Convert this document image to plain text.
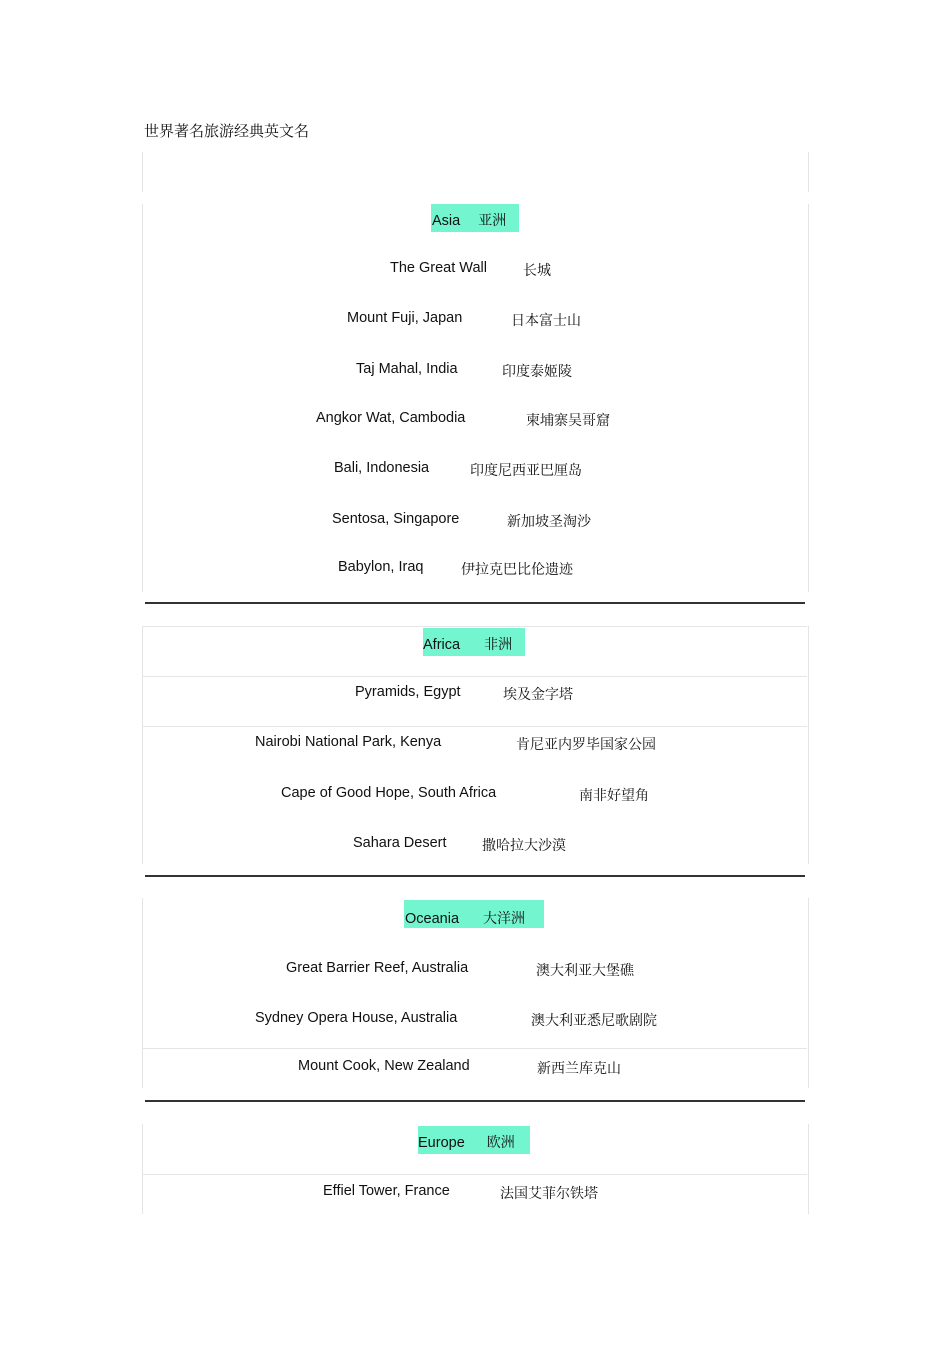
世界著名旅游经典英文名
Asia 亚洲
The Great Wall	长城
Mount Fuji, Japan	日本富士山
Taj Mahal, India	印度泰姬陵
Angkor Wat, Cambodia	柬埔寨吴哥窟
Bali, Indonesia	印度尼西亚巴厘岛
Sentosa, Singapore	新加坡圣淘沙
Babylon, Iraq	伊拉克巴比伦遗迹
Africa 非洲
Pyramids, Egypt	埃及金字塔
Nairobi National Park, Kenya	肯尼亚内罗毕国家公园
Cape of Good Hope, South Africa	南非好望角
Sahara Desert	撒哈拉大沙漠
Oceania 大洋洲
Great Barrier Reef, Australia	澳大利亚大堡礁
Sydney Opera House, Australia	澳大利亚悉尼歌剧院
Mount Cook, New Zealand	新西兰库克山
Europe 欧洲
Effiel Tower, France	法国艾菲尔铁塔
